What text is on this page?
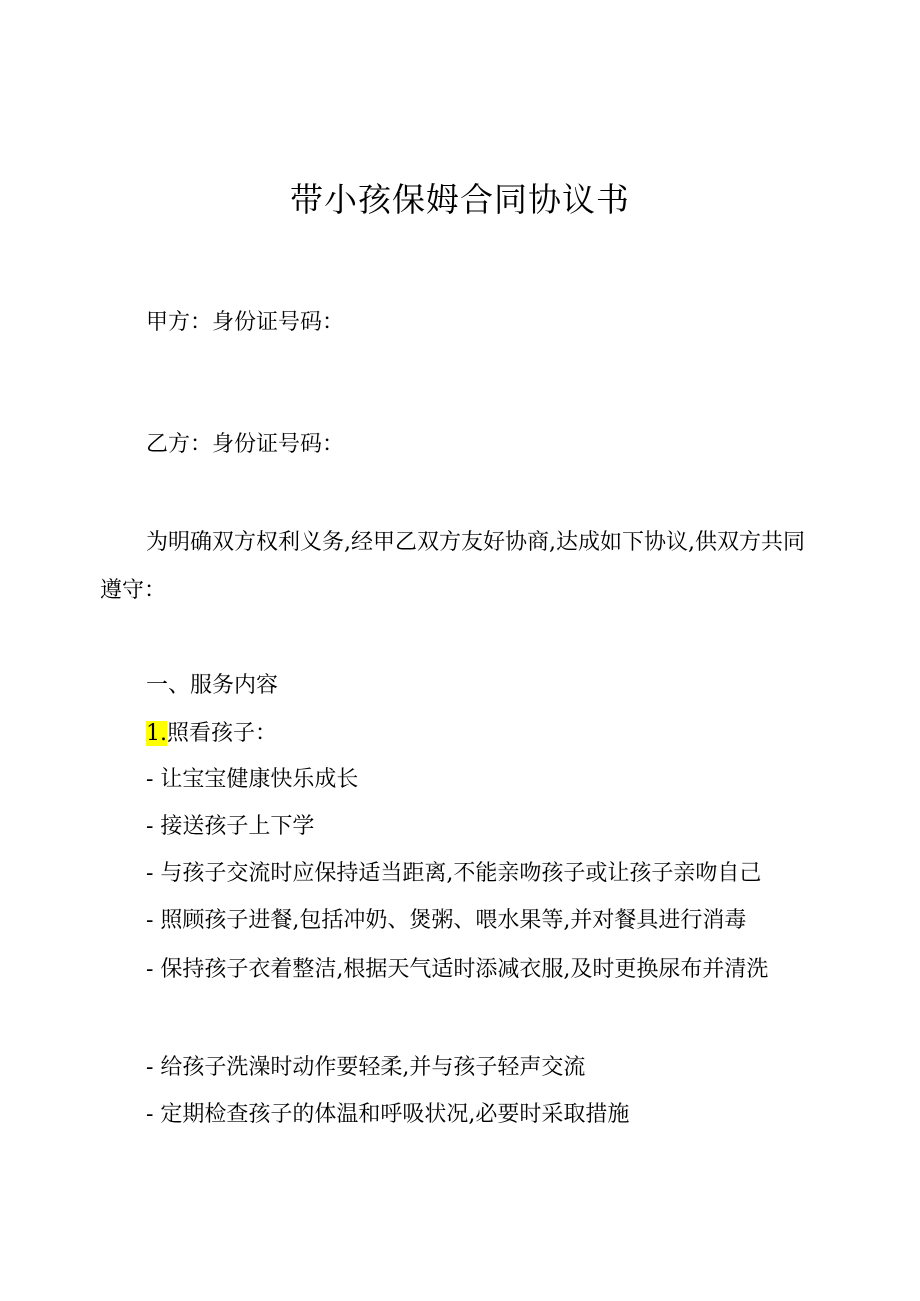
带小孩保姆合同协议书
甲方：身份证号码：
乙方：身份证号码：
为明确双方权利义务,经甲乙双方友好协商,达成如下协议,供双方共同遵守：
一、服务内容
1.照看孩子：
- 让宝宝健康快乐成长
- 接送孩子上下学
- 与孩子交流时应保持适当距离,不能亲吻孩子或让孩子亲吻自己
- 照顾孩子进餐,包括冲奶、煲粥、喂水果等,并对餐具进行消毒
- 保持孩子衣着整洁,根据天气适时添减衣服,及时更换尿布并清洗
- 给孩子洗澡时动作要轻柔,并与孩子轻声交流
- 定期检查孩子的体温和呼吸状况,必要时采取措施
